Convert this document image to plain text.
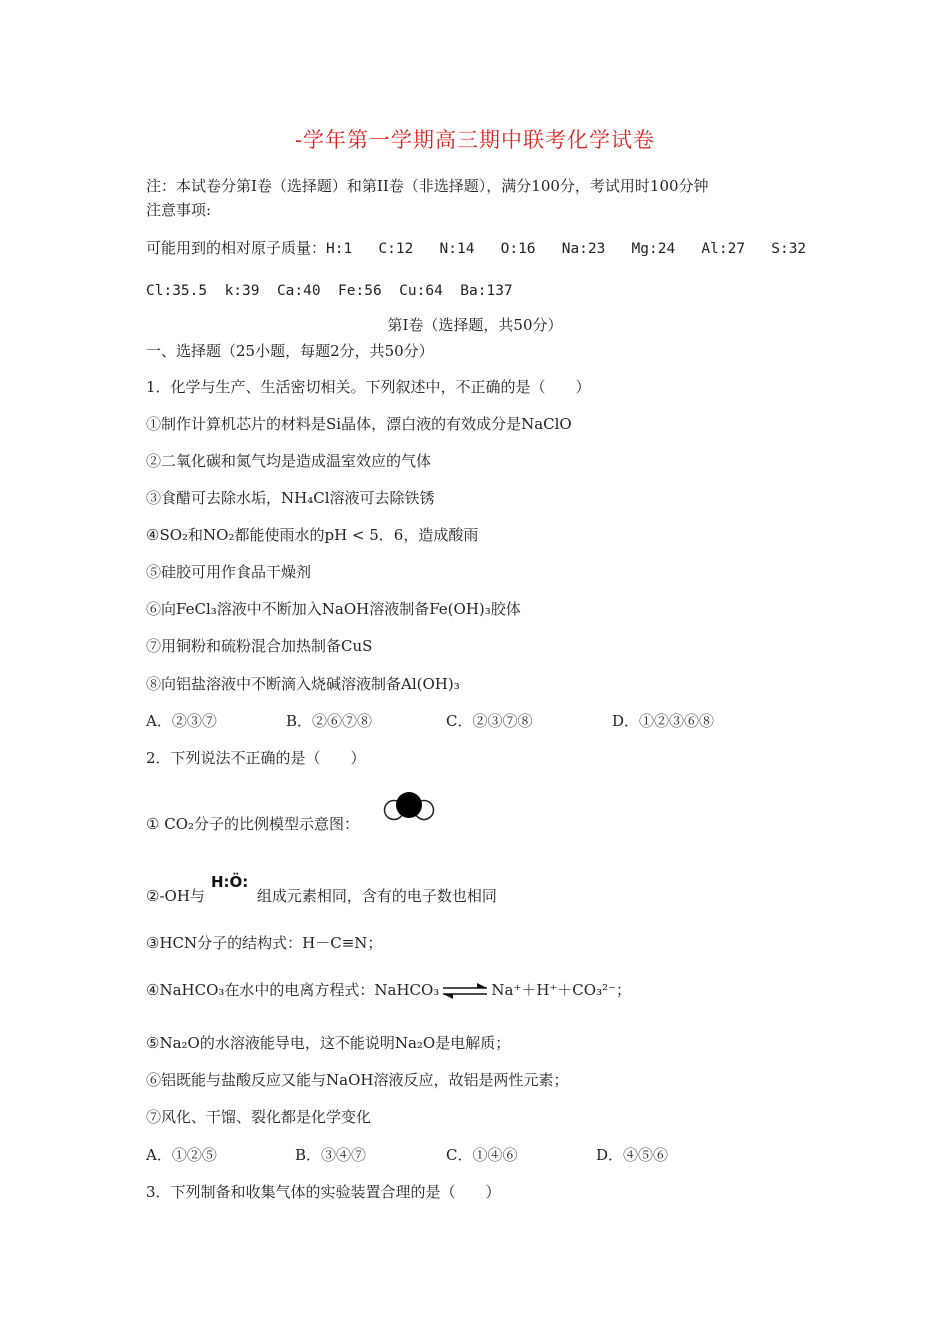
-学年第一学期高三期中联考化学试卷
注：本试卷分第Ⅰ卷（选择题）和第II卷（非选择题），满分100分，考试用时100分钟
注意事项:
可能用到的相对原子质量：H:1   C:12   N:14   O:16   Na:23   Mg:24   Al:27   S:32
Cl:35.5  k:39  Ca:40  Fe:56  Cu:64  Ba:137
第Ⅰ卷（选择题，共50分）
一、选择题（25小题，每题2分，共50分）
1．化学与生产、生活密切相关。下列叙述中，不正确的是（　　）
①制作计算机芯片的材料是Si晶体，漂白液的有效成分是NaClO
②二氧化碳和氮气均是造成温室效应的气体
③食醋可去除水垢，NH₄Cl溶液可去除铁锈
④SO₂和NO₂都能使雨水的pH < 5．6，造成酸雨
⑤硅胶可用作食品干燥剂
⑥向FeCl₃溶液中不断加入NaOH溶液制备Fe(OH)₃胶体
⑦用铜粉和硫粉混合加热制备CuS
⑧向铝盐溶液中不断滴入烧碱溶液制备Al(OH)₃
A．②③⑦	B．②⑥⑦⑧	C．②③⑦⑧	D．①②③⑥⑧
2．下列说法不正确的是（　　）
① CO₂分子的比例模型示意图：
②-OH与	组成元素相同，含有的电子数也相同
H:Ö:
③HCN分子的结构式：H－C≡N；
④NaHCO₃在水中的电离方程式：NaHCO₃ ⇌ Na⁺＋H⁺＋CO₃²⁻；
⑤Na₂O的水溶液能导电，这不能说明Na₂O是电解质；
⑥铝既能与盐酸反应又能与NaOH溶液反应，故铝是两性元素；
⑦风化、干馏、裂化都是化学变化
A．①②⑤	B．③④⑦	C．①④⑥	D．④⑤⑥
3．下列制备和收集气体的实验装置合理的是（　　）
